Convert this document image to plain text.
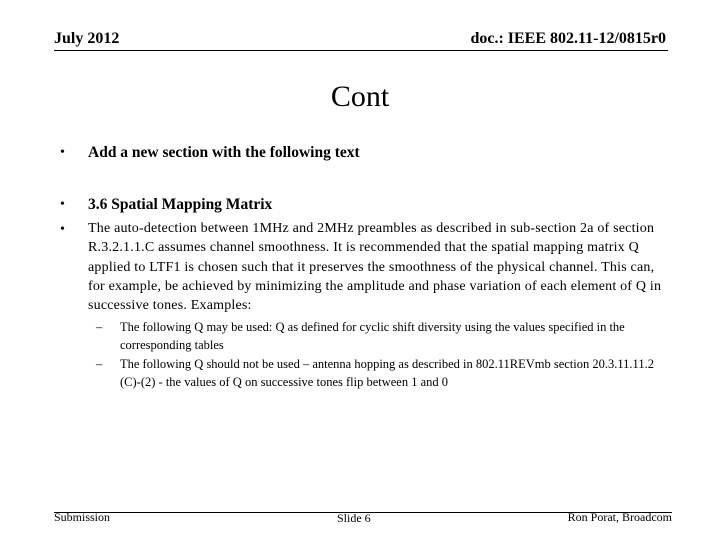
July 2012	doc.: IEEE 802.11-12/0815r0
Cont
• Add a new section with the following text
• 3.6 Spatial Mapping Matrix
• The auto-detection between 1MHz and 2MHz preambles as described in sub-section 2a of section R.3.2.1.1.C assumes channel smoothness. It is recommended that the spatial mapping matrix Q applied to LTF1 is chosen such that it preserves the smoothness of the physical channel. This can, for example, be achieved by minimizing the amplitude and phase variation of each element of Q in successive tones. Examples:
– The following Q may be used: Q as defined for cyclic shift diversity using the values specified in the corresponding tables
– The following Q should not be used – antenna hopping as described in 802.11REVmb section 20.3.11.11.2 (C)-(2) - the values of Q on successive tones flip between 1 and 0
Submission	Slide 6	Ron Porat, Broadcom
